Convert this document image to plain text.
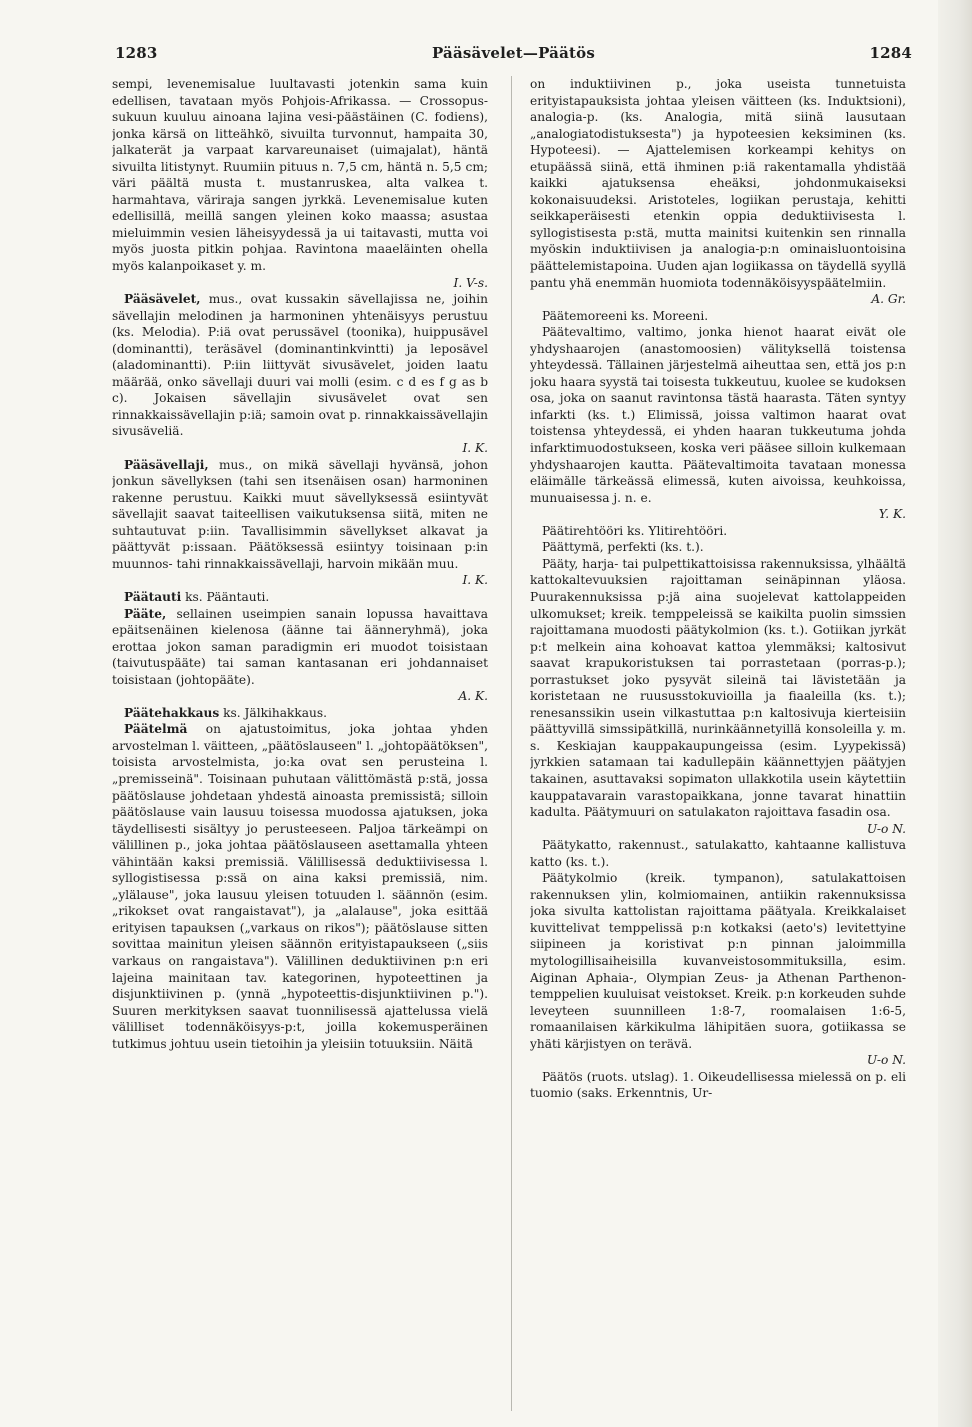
1283	Pääsävelet—Päätös	1284

sempi, levenemisalue luultavasti jotenkin sama kuin edellisen, tavataan myös Pohjois-Afrikassa. — Crossopus-sukuun kuuluu ainoana lajina vesi-päästäinen (C. fodiens), jonka kärsä on litteähkö, sivuilta turvonnut, hampaita 30, jalkaterät ja varpaat karvareunaiset (uimajalat), häntä sivuilta litistynyt. Ruumiin pituus n. 7,5 cm, häntä n. 5,5 cm; väri päältä musta t. mustanruskea, alta valkea t. harmahtava, väriraja sangen jyrkkä. Levenemisalue kuten edellisillä, meillä sangen yleinen koko maassa; asustaa mieluimmin vesien läheisyydessä ja ui taitavasti, mutta voi myös juosta pitkin pohjaa. Ravintona maaeläinten ohella myös kalanpoikaset y. m.

I. V-s.

Pääsävelet, mus., ovat kussakin sävellajissa ne, joihin sävellajin melodinen ja harmoninen yhtenäisyys perustuu (ks. Melodia). P:iä ovat perussävel (toonika), huippusävel (dominantti), teräsävel (dominantinkvintti) ja leposävel (aladominantti). P:iin liittyvät sivusävelet, joiden laatu määrää, onko sävellaji duuri vai molli (esim. c d es f g as b c). Jokaisen sävellajin sivusävelet ovat sen rinnakkaissävellajin p:iä; samoin ovat p. rinnakkaissävellajin sivusäveliä.

I. K.

Pääsävellaji, mus., on mikä sävellaji hyvänsä, johon jonkun sävellyksen (tahi sen itsenäisen osan) harmoninen rakenne perustuu. Kaikki muut sävellyksessä esiintyvät sävellajit saavat taiteellisen vaikutuksensa siitä, miten ne suhtautuvat p:iin. Tavallisimmin sävellykset alkavat ja päättyvät p:issaan. Päätöksessä esiintyy toisinaan p:in muunnos- tahi rinnakkaissävellaji, harvoin mikään muu.

I. K.

Päätauti ks. Pääntauti.

Pääte, sellainen useimpien sanain lopussa havaittava epäitsenäinen kielenosa (äänne tai äänneryhmä), joka erottaa jokon saman paradigmin eri muodot toisistaan (taivutuspääte) tai saman kantasanan eri johdannaiset toisistaan (johtopääte).

A. K.

Päätehakkaus ks. Jälkihakkaus.

Päätelmä on ajatustoimitus, joka johtaa yhden arvostelman l. väitteen, „päätöslauseen" l. „johtopäätöksen", toisista arvostelmista, jo:ka ovat sen perusteina l. „premisseinä". Toisinaan puhutaan välittömästä p:stä, jossa päätöslause johdetaan yhdestä ainoasta premissistä; silloin päätöslause vain lausuu toisessa muodossa ajatuksen, joka täydellisesti sisältyy jo perusteeseen. Paljoa tärkeämpi on välillinen p., joka johtaa päätöslauseen asettamalla yhteen vähintään kaksi premissiä. Välillisessä deduktiivisessa l. syllogistisessa p:ssä on aina kaksi premissiä, nim. „ylälause", joka lausuu yleisen totuuden l. säännön (esim. „rikokset ovat rangaistavat"), ja „alalause", joka esittää erityisen tapauksen („varkaus on rikos"); päätöslause sitten sovittaa mainitun yleisen säännön erityistapaukseen („siis varkaus on rangaistava"). Välillinen deduktiivinen p:n eri lajeina mainitaan tav. kategorinen, hypoteettinen ja disjunktiivinen p. (ynnä „hypoteettis-disjunktiivinen p."). Suuren merkityksen saavat tuonnilisessä ajattelussa vielä välilliset todennäköisyys-p:t, joilla kokemusperäinen tutkimus johtuu usein tietoihin ja yleisiin totuuksiin. Näitä

on induktiivinen p., joka useista tunnetuista erityistapauksista johtaa yleisen väitteen (ks. Induktsioni), analogia-p. (ks. Analogia, mitä siinä lausutaan „analogiatodistuksesta") ja hypoteesien keksiminen (ks. Hypoteesi). — Ajattelemisen korkeampi kehitys on etupäässä siinä, että ihminen p:iä rakentamalla yhdistää kaikki ajatuksensa eheäksi, johdonmukaiseksi kokonaisuudeksi. Aristoteles, logiikan perustaja, kehitti seikkaperäisesti etenkin oppia deduktiivisesta l. syllogistisesta p:stä, mutta mainitsi kuitenkin sen rinnalla myöskin induktiivisen ja analogia-p:n ominaisluontoisina päättelemistapoina. Uuden ajan logiikassa on täydellä syyllä pantu yhä enemmän huomiota todennäköisyyspäätelmiin.

A. Gr.

Päätemoreeni ks. Moreeni.

Päätevaltimo, valtimo, jonka hienot haarat eivät ole yhdyshaarojen (anastomoosien) välityksellä toistensa yhteydessä. Tällainen järjestelmä aiheuttaa sen, että jos p:n joku haara syystä tai toisesta tukkeutuu, kuolee se kudoksen osa, joka on saanut ravintonsa tästä haarasta. Täten syntyy infarkti (ks. t.) Elimissä, joissa valtimon haarat ovat toistensa yhteydessä, ei yhden haaran tukkeutuma johda infarktimuodostukseen, koska veri pääsee silloin kulkemaan yhdyshaarojen kautta. Päätevaltimoita tavataan monessa eläimälle tärkeässä elimessä, kuten aivoissa, keuhkoissa, munuaisessa j. n. e.

Y. K.

Päätirehtööri ks. Ylitirehtööri.

Päättymä, perfekti (ks. t.).

Pääty, harja- tai pulpettikattoisissa rakennuksissa, ylhäältä kattokaltevuuksien rajoittaman seinäpinnan yläosa. Puurakennuksissa p:jä aina suojelevat kattolappeiden ulkomukset; kreik. temppeleissä se kaikilta puolin simssien rajoittamana muodosti päätykolmion (ks. t.). Gotiikan jyrkät p:t melkein aina kohoavat kattoa ylemmäksi; kaltosivut saavat krapukoristuksen tai porrastetaan (porras-p.); porrastukset joko pysyvät sileinä tai lävistetään ja koristetaan ne ruususstokuvioilla ja fiaaleilla (ks. t.); renesanssikin usein vilkastuttaa p:n kaltosivuja kierteisiin päättyvillä simssipätkillä, nurinkäännetyillä konsoleilla y. m. s. Keskiajan kauppakaupungeissa (esim. Lyypekissä) jyrkkien satamaan tai kadullepäin käännettyjen päätyjen takainen, asuttavaksi sopimaton ullakkotila usein käytettiin kauppatavarain varastopaikkana, jonne tavarat hinattiin kadulta. Päätymuuri on satulakaton rajoittava fasadin osa.

U-o N.

Päätykatto, rakennust., satulakatto, kahtaanne kallistuva katto (ks. t.).

Päätykolmio (kreik. tympanon), satulakattoisen rakennuksen ylin, kolmiomainen, antiikin rakennuksissa joka sivulta kattolistan rajoittama päätyala. Kreikkalaiset kuvittelivat temppelissä p:n kotkaksi (aeto's) levitettyine siipineen ja koristivat p:n pinnan jaloimmilla mytologillisaiheisilla kuvanveistosommituksilla, esim. Aiginan Aphaia-, Olympian Zeus- ja Athenan Parthenon-temppelien kuuluisat veistokset. Kreik. p:n korkeuden suhde leveyteen suunnilleen 1:8-7, roomalaisen 1:6-5, romaanilaisen kärkikulma lähipitäen suora, gotiikassa se yhäti kärjistyen on terävä.

U-o N.

Päätös (ruots. utslag). 1. Oikeudellisessa mielessä on p. eli tuomio (saks. Erkenntnis, Ur-
